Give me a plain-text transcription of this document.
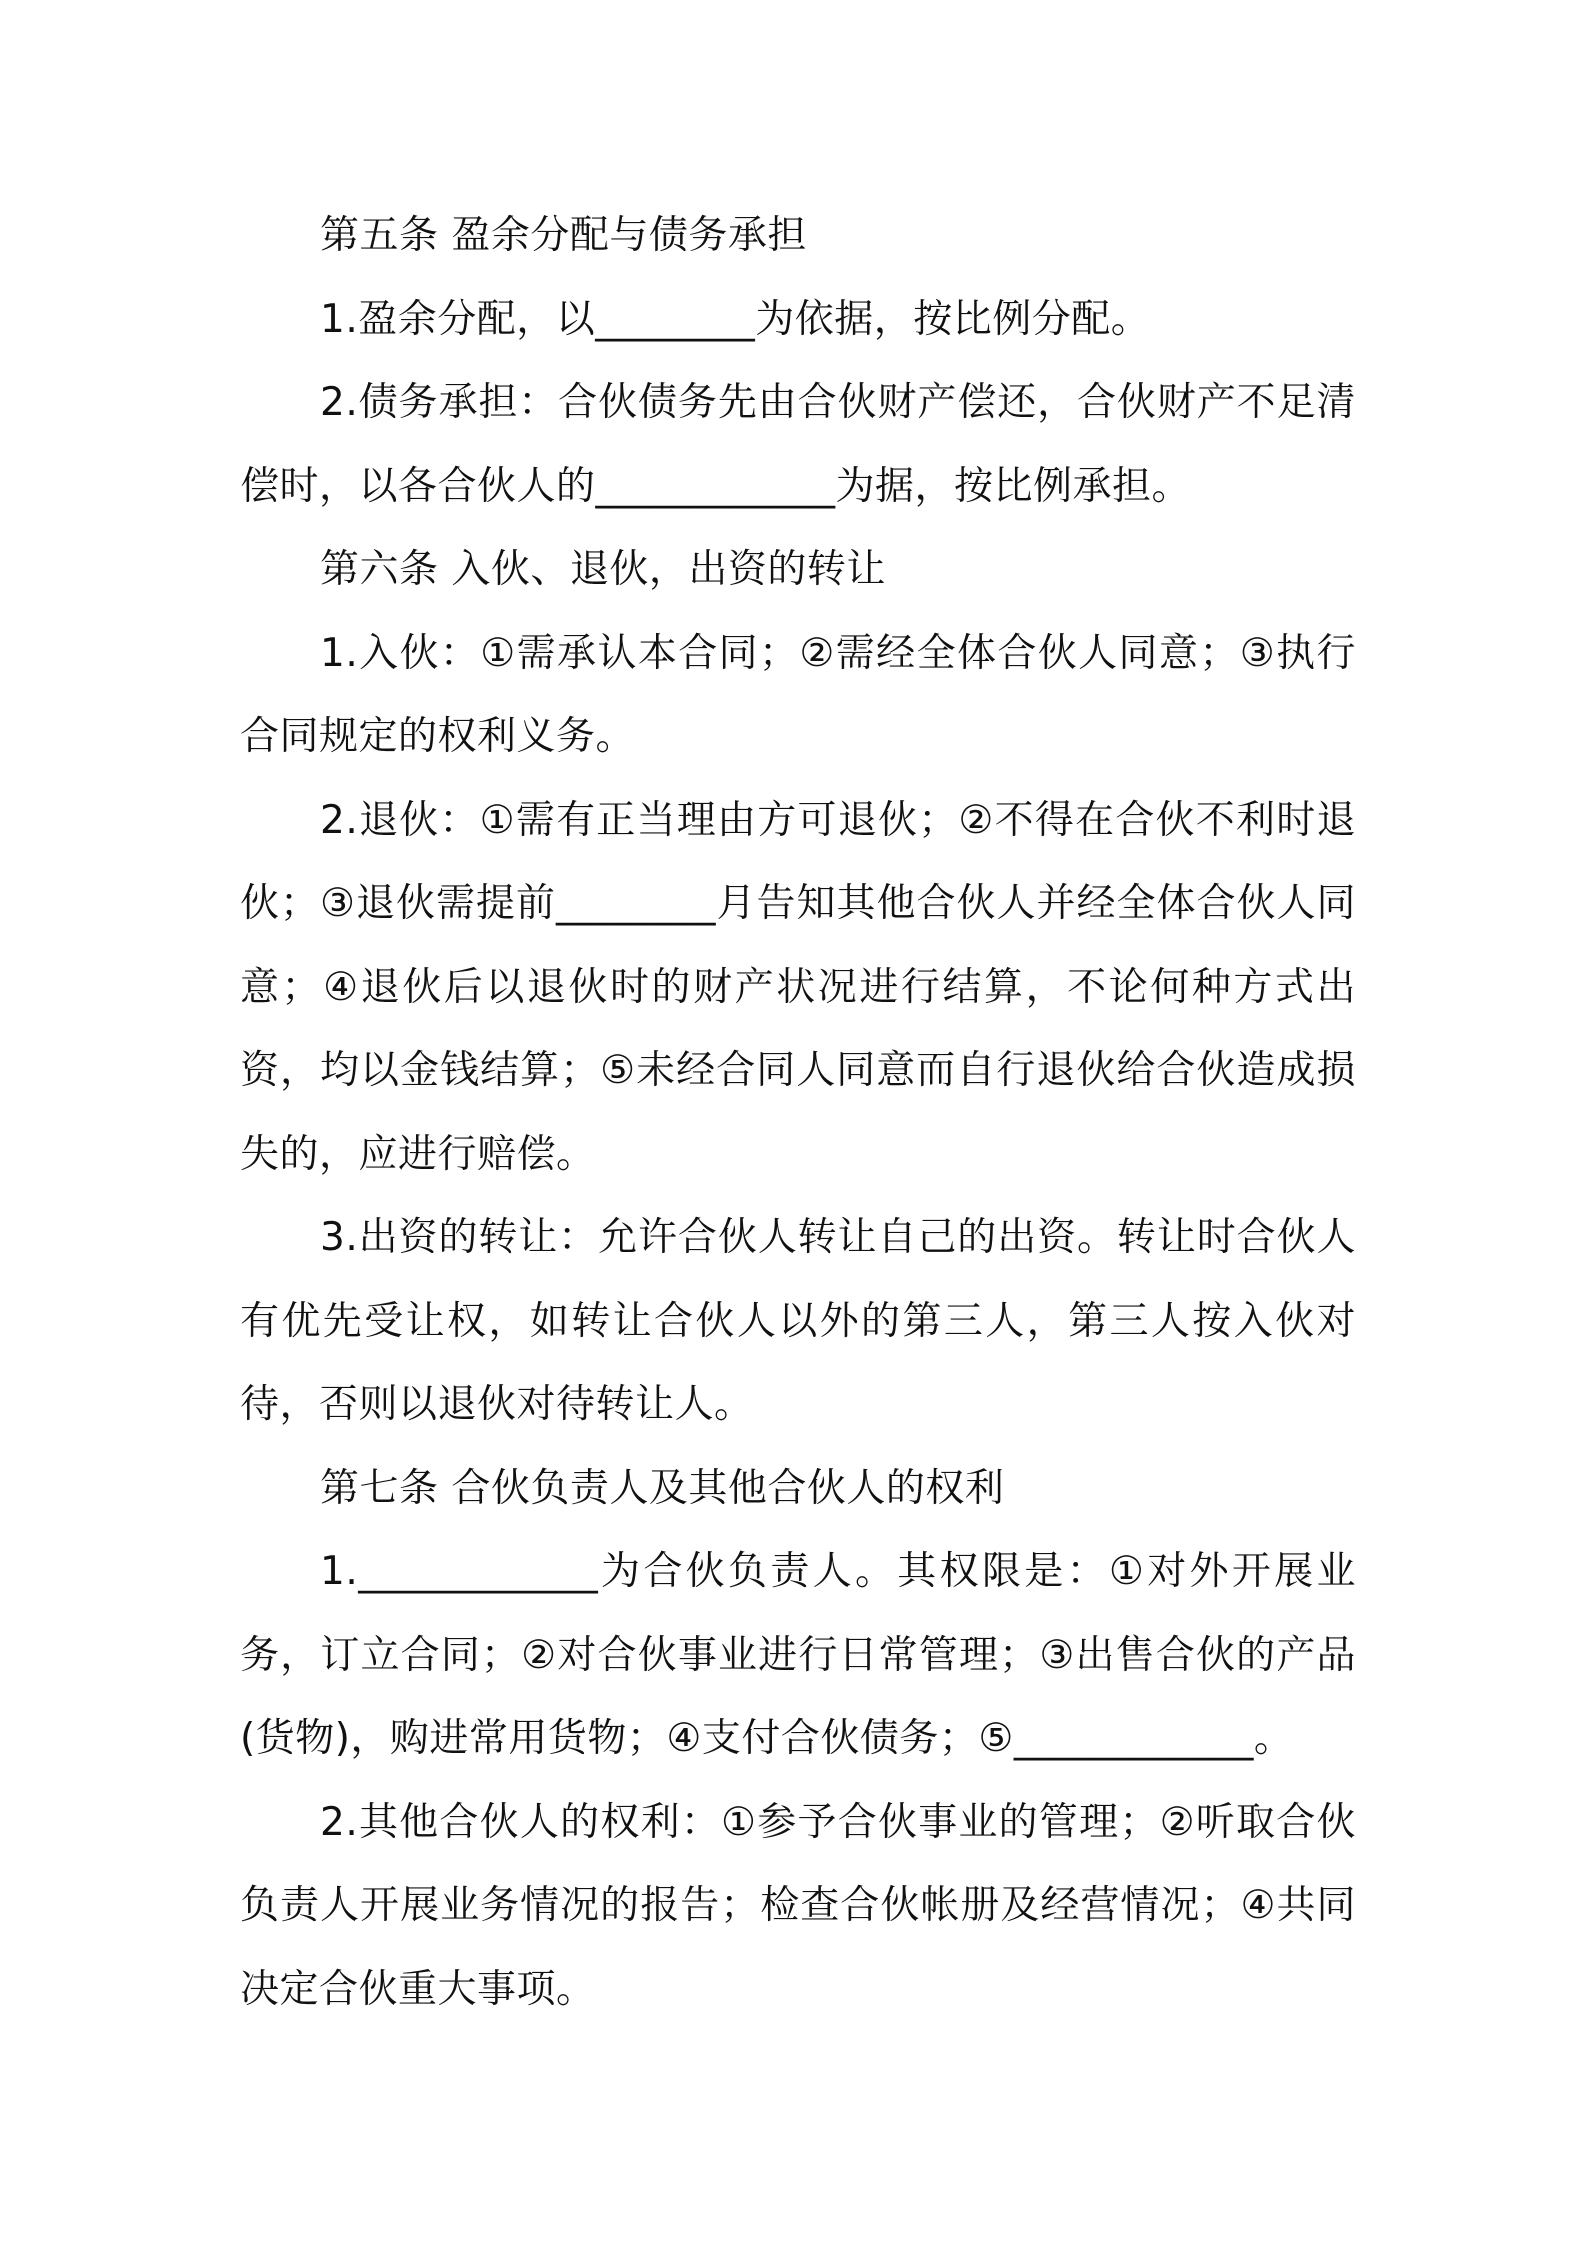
第五条 盈余分配与债务承担

1.盈余分配，以________为依据，按比例分配。

2.债务承担：合伙债务先由合伙财产偿还，合伙财产不足清偿时，以各合伙人的____________为据，按比例承担。

第六条 入伙、退伙，出资的转让

1.入伙：①需承认本合同；②需经全体合伙人同意；③执行合同规定的权利义务。

2.退伙：①需有正当理由方可退伙；②不得在合伙不利时退伙；③退伙需提前________月告知其他合伙人并经全体合伙人同意；④退伙后以退伙时的财产状况进行结算，不论何种方式出资，均以金钱结算；⑤未经合同人同意而自行退伙给合伙造成损失的，应进行赔偿。

3.出资的转让：允许合伙人转让自己的出资。转让时合伙人有优先受让权，如转让合伙人以外的第三人，第三人按入伙对待，否则以退伙对待转让人。

第七条 合伙负责人及其他合伙人的权利

1.____________为合伙负责人。其权限是：①对外开展业务，订立合同；②对合伙事业进行日常管理；③出售合伙的产品(货物)，购进常用货物；④支付合伙债务；⑤____________。

2.其他合伙人的权利：①参予合伙事业的管理；②听取合伙负责人开展业务情况的报告；检查合伙帐册及经营情况；④共同决定合伙重大事项。
